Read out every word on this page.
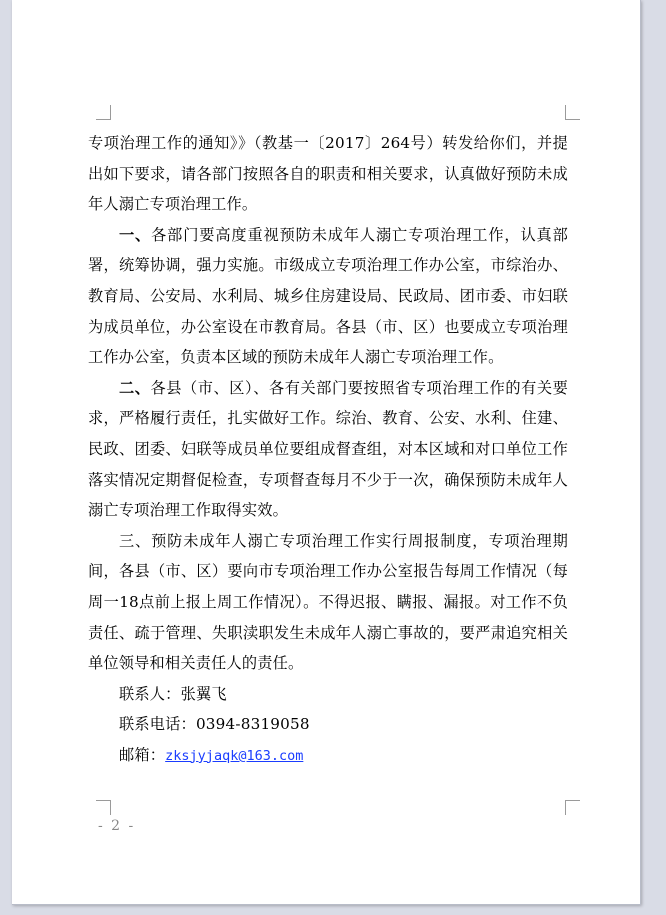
专项治理工作的通知》》（教基一〔2017〕264号）转发给你们，并提出如下要求，请各部门按照各自的职责和相关要求，认真做好预防未成年人溺亡专项治理工作。

一、各部门要高度重视预防未成年人溺亡专项治理工作，认真部署，统筹协调，强力实施。市级成立专项治理工作办公室，市综治办、教育局、公安局、水利局、城乡住房建设局、民政局、团市委、市妇联为成员单位，办公室设在市教育局。各县（市、区）也要成立专项治理工作办公室，负责本区域的预防未成年人溺亡专项治理工作。

二、各县（市、区）、各有关部门要按照省专项治理工作的有关要求，严格履行责任，扎实做好工作。综治、教育、公安、水利、住建、民政、团委、妇联等成员单位要组成督查组，对本区域和对口单位工作落实情况定期督促检查，专项督查每月不少于一次，确保预防未成年人溺亡专项治理工作取得实效。

三、预防未成年人溺亡专项治理工作实行周报制度，专项治理期间，各县（市、区）要向市专项治理工作办公室报告每周工作情况（每周一18点前上报上周工作情况）。不得迟报、瞒报、漏报。对工作不负责任、疏于管理、失职渎职发生未成年人溺亡事故的，要严肃追究相关单位领导和相关责任人的责任。

联系人：张翼飞

联系电话：0394-8319058

邮箱：zksjyjaqk@163.com

- 2 -
